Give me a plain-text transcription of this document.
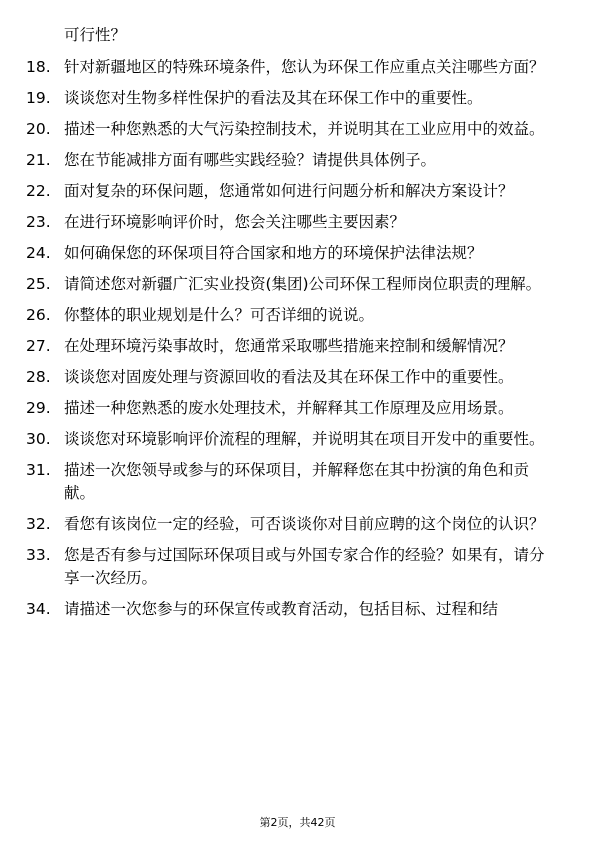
可行性？
18. 针对新疆地区的特殊环境条件，您认为环保工作应重点关注哪些方面？
19. 谈谈您对生物多样性保护的看法及其在环保工作中的重要性。
20. 描述一种您熟悉的大气污染控制技术，并说明其在工业应用中的效益。
21. 您在节能减排方面有哪些实践经验？请提供具体例子。
22. 面对复杂的环保问题，您通常如何进行问题分析和解决方案设计？
23. 在进行环境影响评价时，您会关注哪些主要因素？
24. 如何确保您的环保项目符合国家和地方的环境保护法律法规？
25. 请简述您对新疆广汇实业投资(集团)公司环保工程师岗位职责的理解。
26. 你整体的职业规划是什么？可否详细的说说。
27. 在处理环境污染事故时，您通常采取哪些措施来控制和缓解情况？
28. 谈谈您对固废处理与资源回收的看法及其在环保工作中的重要性。
29. 描述一种您熟悉的废水处理技术，并解释其工作原理及应用场景。
30. 谈谈您对环境影响评价流程的理解，并说明其在项目开发中的重要性。
31. 描述一次您领导或参与的环保项目，并解释您在其中扮演的角色和贡献。
32. 看您有该岗位一定的经验，可否谈谈你对目前应聘的这个岗位的认识？
33. 您是否有参与过国际环保项目或与外国专家合作的经验？如果有，请分享一次经历。
34. 请描述一次您参与的环保宣传或教育活动，包括目标、过程和结
第2页，共42页
